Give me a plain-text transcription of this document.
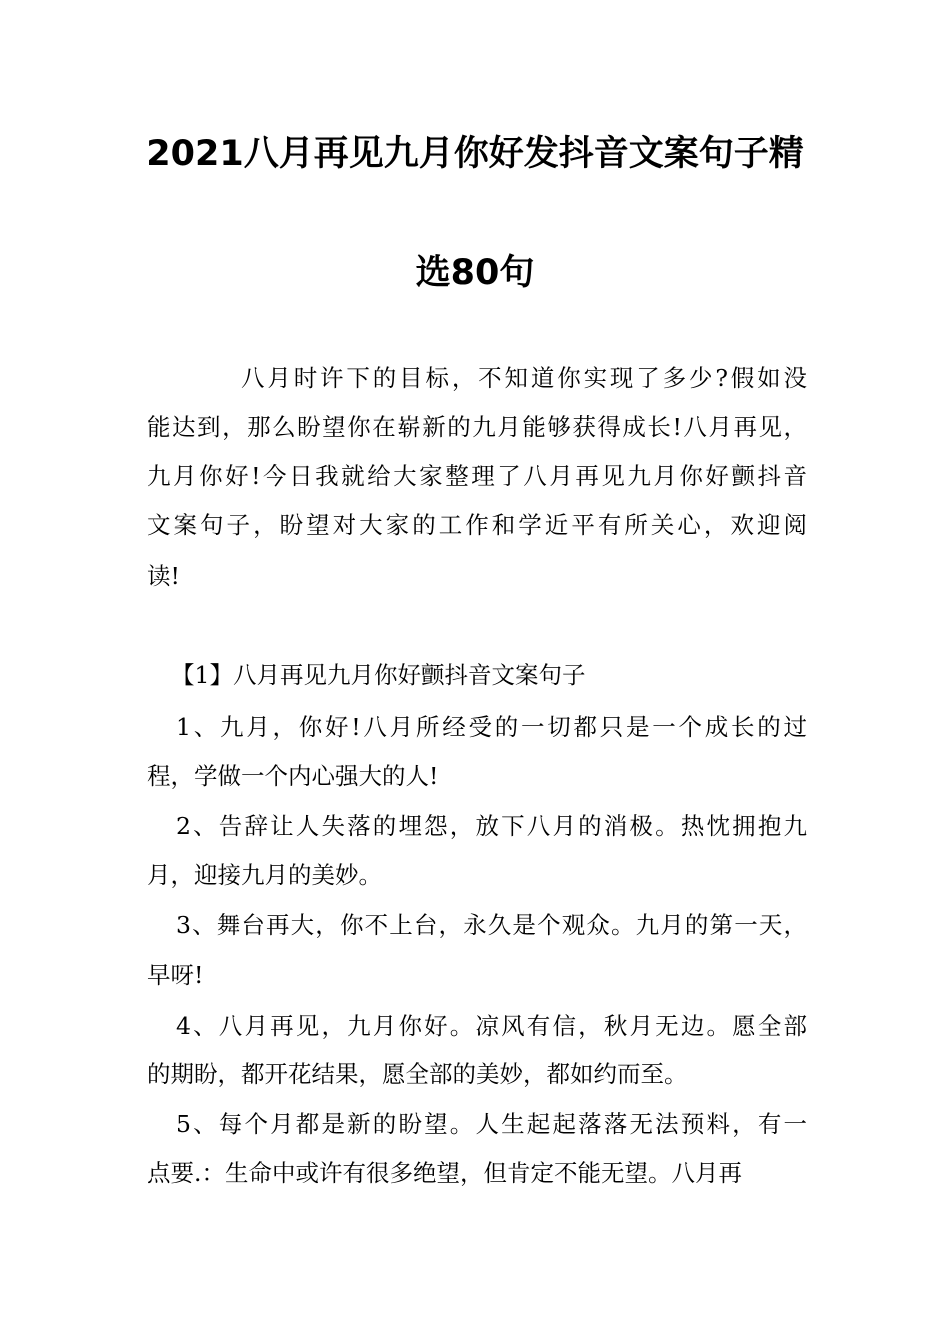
2021八月再见九月你好发抖音文案句子精
选80句
八月时许下的目标，不知道你实现了多少?假如没
能达到，那么盼望你在崭新的九月能够获得成长!八月再见，
九月你好!今日我就给大家整理了八月再见九月你好颤抖音
文案句子，盼望对大家的工作和学近平有所关心，欢迎阅
读!
【1】八月再见九月你好颤抖音文案句子
1、九月，你好!八月所经受的一切都只是一个成长的过
程，学做一个内心强大的人!
2、告辞让人失落的埋怨，放下八月的消极。热忱拥抱九
月，迎接九月的美妙。
3、舞台再大，你不上台，永久是个观众。九月的第一天，
早呀!
4、八月再见，九月你好。凉风有信，秋月无边。愿全部
的期盼，都开花结果，愿全部的美妙，都如约而至。
5、每个月都是新的盼望。人生起起落落无法预料，有一
点要.：生命中或许有很多绝望，但肯定不能无望。八月再
